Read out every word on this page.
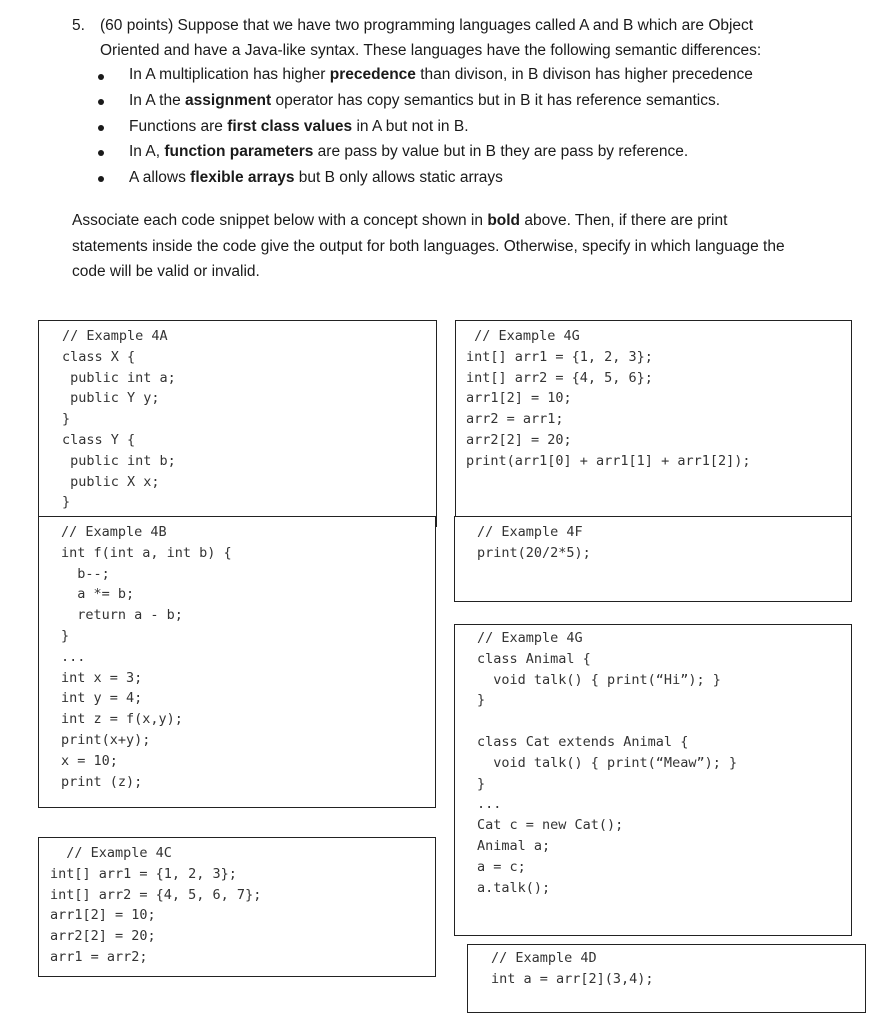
5. (60 points) Suppose that we have two programming languages called A and B which are Object
Oriented and have a Java-like syntax. These languages have the following semantic differences:
In A multiplication has higher precedence than divison, in B divison has higher precedence
In A the assignment operator has copy semantics but in B it has reference semantics.
Functions are first class values in A but not in B.
In A, function parameters are pass by value but in B they are pass by reference.
A allows flexible arrays but B only allows static arrays
Associate each code snippet below with a concept shown in bold above. Then, if there are print
statements inside the code give the output for both languages. Otherwise, specify in which language the
code will be valid or invalid.
// Example 4A
class X {
public int a;
public Y y;
}
class Y {
public int b;
public X x;
}
// Example 4B
int f(int a, int b) {
b--;
a *= b;
return a - b;
}
...
int x = 3;
int y = 4;
int z = f(x,y);
print(x+y);
x = 10;
print (z);
// Example 4C
int[] arr1 = {1, 2, 3};
int[] arr2 = {4, 5, 6, 7};
arr1[2] = 10;
arr2[2] = 20;
arr1 = arr2;
// Example 4G
int[] arr1 = {1, 2, 3};
int[] arr2 = {4, 5, 6};
arr1[2] = 10;
arr2 = arr1;
arr2[2] = 20;
print(arr1[0] + arr1[1] + arr1[2]);
// Example 4F
print(20/2*5);
// Example 4G
class Animal {
void talk() { print(“Hi”); }
}

class Cat extends Animal {
void talk() { print(“Meaw”); }
}
...
Cat c = new Cat();
Animal a;
a = c;
a.talk();
// Example 4D
int a = arr[2](3,4);
